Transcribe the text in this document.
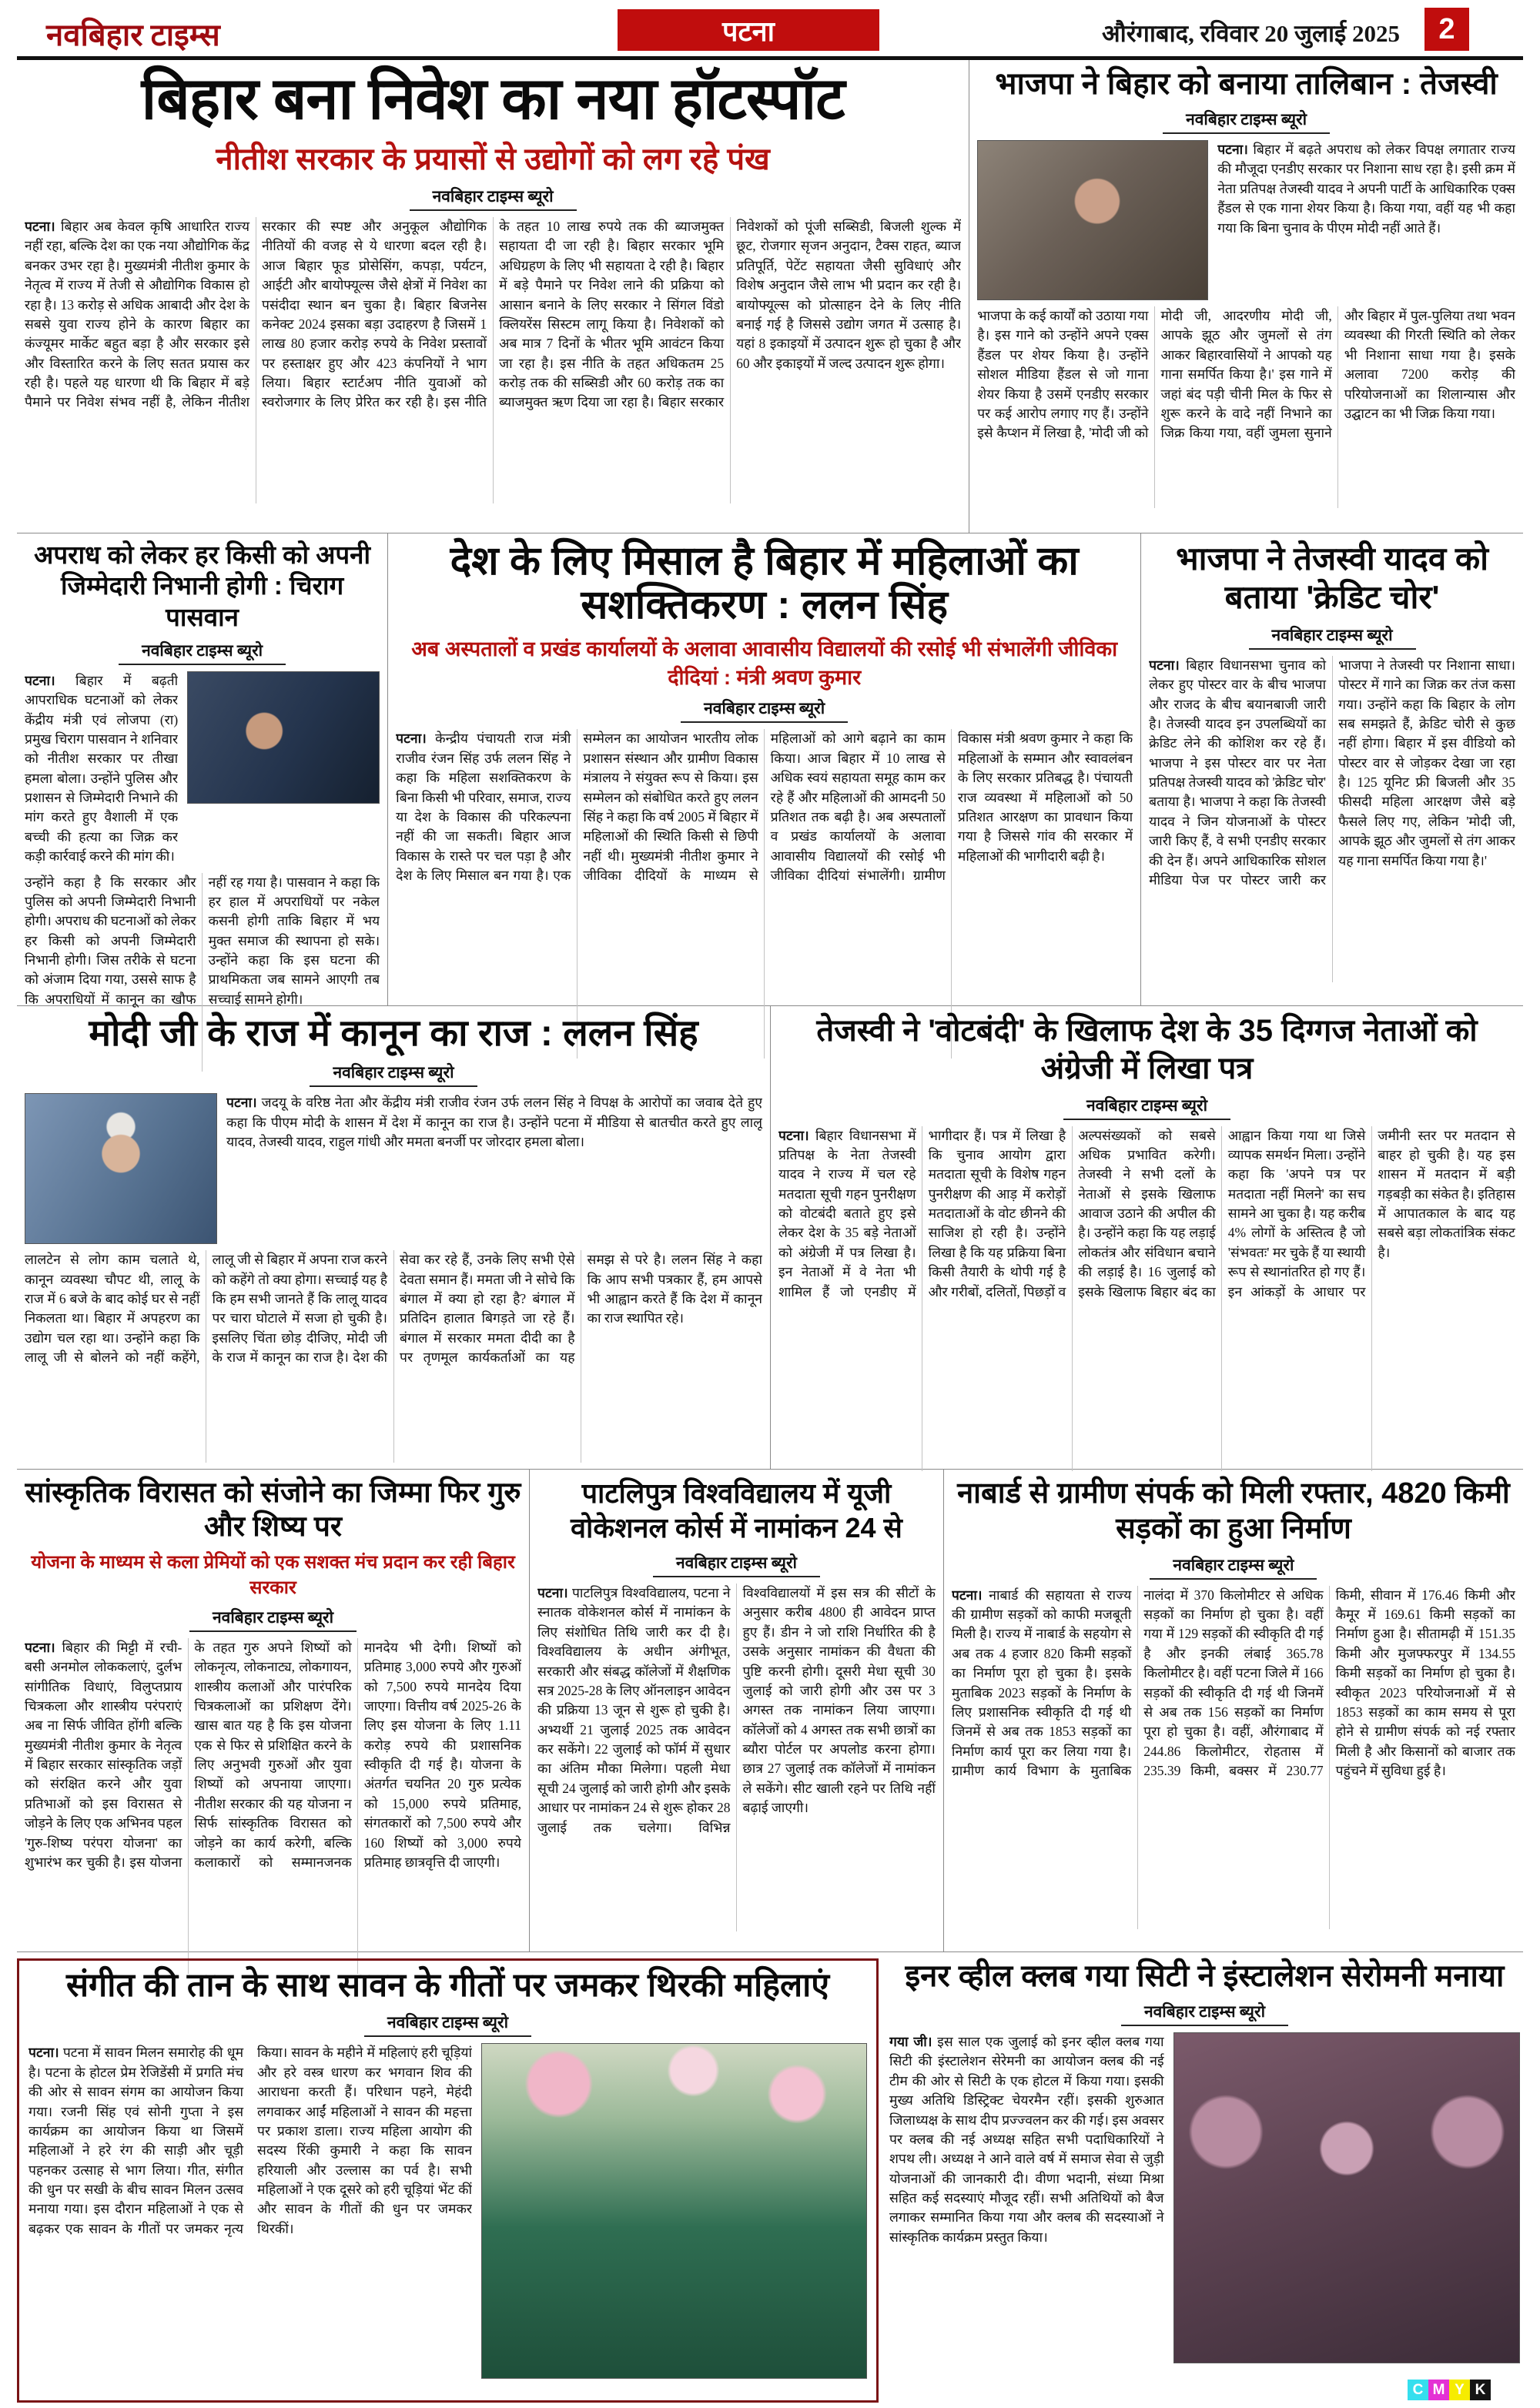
नवबिहार टाइम्स	पटना	औरंगाबाद, रविवार 20 जुलाई 2025	2
बिहार बना निवेश का नया हॉटस्पॉट
नीतीश सरकार के प्रयासों से उद्योगों को लग रहे पंख
नवबिहार टाइम्स ब्यूरो
पटना। बिहार अब केवल कृषि आधारित राज्य नहीं रहा, बल्कि देश का एक नया औद्योगिक केंद्र बनकर उभर रहा है। मुख्यमंत्री नीतीश कुमार के नेतृत्व में राज्य में तेजी से औद्योगिक विकास हो रहा है। 13 करोड़ से अधिक आबादी और देश के सबसे युवा राज्य होने के कारण बिहार का कंज्यूमर मार्केट बहुत बड़ा है और सरकार इसे और विस्तारित करने के लिए सतत प्रयास कर रही है। पहले यह धारणा थी कि बिहार में बड़े पैमाने पर निवेश संभव नहीं है, लेकिन नीतीश सरकार की स्पष्ट और अनुकूल औद्योगिक नीतियों की वजह से ये धारणा बदल रही है। आज बिहार फूड प्रोसेसिंग, कपड़ा, पर्यटन, आईटी और बायोफ्यूल्स जैसे क्षेत्रों में निवेश का पसंदीदा स्थान बन चुका है। बिहार बिजनेस कनेक्ट 2024 इसका बड़ा उदाहरण है जिसमें 1 लाख 80 हजार करोड़ रुपये के निवेश प्रस्तावों पर हस्ताक्षर हुए और 423 कंपनियों ने भाग लिया। बिहार स्टार्टअप नीति युवाओं को स्वरोजगार के लिए प्रेरित कर रही है। इस नीति के तहत 10 लाख रुपये तक की ब्याजमुक्त सहायता दी जा रही है। बिहार सरकार भूमि अधिग्रहण के लिए भी सहायता दे रही है। बिहार में बड़े पैमाने पर निवेश लाने की प्रक्रिया को आसान बनाने के लिए सरकार ने सिंगल विंडो क्लियरेंस सिस्टम लागू किया है। निवेशकों को अब मात्र 7 दिनों के भीतर भूमि आवंटन किया जा रहा है। इस नीति के तहत अधिकतम 25 करोड़ तक की सब्सिडी और 60 करोड़ तक का ब्याजमुक्त ऋण दिया जा रहा है। बिहार सरकार निवेशकों को पूंजी सब्सिडी, बिजली शुल्क में छूट, रोजगार सृजन अनुदान, टैक्स राहत, ब्याज प्रतिपूर्ति, पेटेंट सहायता जैसी सुविधाएं और विशेष अनुदान जैसे लाभ भी प्रदान कर रही है। बायोफ्यूल्स को प्रोत्साहन देने के लिए नीति बनाई गई है जिससे उद्योग जगत में उत्साह है। यहां 8 इकाइयों में उत्पादन शुरू हो चुका है और 60 और इकाइयों में जल्द उत्पादन शुरू होगा।
भाजपा ने बिहार को बनाया तालिबान : तेजस्वी
नवबिहार टाइम्स ब्यूरो
पटना। बिहार में बढ़ते अपराध को लेकर विपक्ष लगातार राज्य की मौजूदा एनडीए सरकार पर निशाना साध रहा है। इसी क्रम में नेता प्रतिपक्ष तेजस्वी यादव ने अपनी पार्टी के आधिकारिक एक्स हैंडल से एक गाना शेयर किया है। किया गया, वहीं यह भी कहा गया कि बिना चुनाव के पीएम मोदी नहीं आते हैं।
भाजपा के कई कार्यों को उठाया गया है। इस गाने को उन्होंने अपने एक्स हैंडल पर शेयर किया है। उन्होंने सोशल मीडिया हैंडल से जो गाना शेयर किया है उसमें एनडीए सरकार पर कई आरोप लगाए गए हैं। उन्होंने इसे कैप्शन में लिखा है, 'मोदी जी को मोदी जी, आदरणीय मोदी जी, आपके झूठ और जुमलों से तंग आकर बिहारवासियों ने आपको यह गाना समर्पित किया है।' इस गाने में जहां बंद पड़ी चीनी मिल के फिर से शुरू करने के वादे नहीं निभाने का जिक्र किया गया, वहीं जुमला सुनाने और बिहार में पुल-पुलिया तथा भवन व्यवस्था की गिरती स्थिति को लेकर भी निशाना साधा गया है। इसके अलावा 7200 करोड़ की परियोजनाओं का शिलान्यास और उद्घाटन का भी जिक्र किया गया।
अपराध को लेकर हर किसी को अपनी जिम्मेदारी निभानी होगी : चिराग पासवान
नवबिहार टाइम्स ब्यूरो
पटना। बिहार में बढ़ती आपराधिक घटनाओं को लेकर केंद्रीय मंत्री एवं लोजपा (रा) प्रमुख चिराग पासवान ने शनिवार को नीतीश सरकार पर तीखा हमला बोला। उन्होंने पुलिस और प्रशासन से जिम्मेदारी निभाने की मांग करते हुए वैशाली में एक बच्ची की हत्या का जिक्र कर कड़ी कार्रवाई करने की मांग की।
उन्होंने कहा है कि सरकार और पुलिस को अपनी जिम्मेदारी निभानी होगी। अपराध की घटनाओं को लेकर हर किसी को अपनी जिम्मेदारी निभानी होगी। जिस तरीके से घटना को अंजाम दिया गया, उससे साफ है कि अपराधियों में कानून का खौफ नहीं रह गया है। पासवान ने कहा कि हर हाल में अपराधियों पर नकेल कसनी होगी ताकि बिहार में भय मुक्त समाज की स्थापना हो सके। उन्होंने कहा कि इस घटना की प्राथमिकता जब सामने आएगी तब सच्चाई सामने होगी।
देश के लिए मिसाल है बिहार में महिलाओं का सशक्तिकरण : ललन सिंह
अब अस्पतालों व प्रखंड कार्यालयों के अलावा आवासीय विद्यालयों की रसोई भी संभालेंगी जीविका दीदियां : मंत्री श्रवण कुमार
नवबिहार टाइम्स ब्यूरो
पटना। केन्द्रीय पंचायती राज मंत्री राजीव रंजन सिंह उर्फ ललन सिंह ने कहा कि महिला सशक्तिकरण के बिना किसी भी परिवार, समाज, राज्य या देश के विकास की परिकल्पना नहीं की जा सकती। बिहार आज विकास के रास्ते पर चल पड़ा है और देश के लिए मिसाल बन गया है। एक सम्मेलन का आयोजन भारतीय लोक प्रशासन संस्थान और ग्रामीण विकास मंत्रालय ने संयुक्त रूप से किया। इस सम्मेलन को संबोधित करते हुए ललन सिंह ने कहा कि वर्ष 2005 में बिहार में महिलाओं की स्थिति किसी से छिपी नहीं थी। मुख्यमंत्री नीतीश कुमार ने जीविका दीदियों के माध्यम से महिलाओं को आगे बढ़ाने का काम किया। आज बिहार में 10 लाख से अधिक स्वयं सहायता समूह काम कर रहे हैं और महिलाओं की आमदनी 50 प्रतिशत तक बढ़ी है। अब अस्पतालों व प्रखंड कार्यालयों के अलावा आवासीय विद्यालयों की रसोई भी जीविका दीदियां संभालेंगी। ग्रामीण विकास मंत्री श्रवण कुमार ने कहा कि महिलाओं के सम्मान और स्वावलंबन के लिए सरकार प्रतिबद्ध है। पंचायती राज व्यवस्था में महिलाओं को 50 प्रतिशत आरक्षण का प्रावधान किया गया है जिससे गांव की सरकार में महिलाओं की भागीदारी बढ़ी है।
भाजपा ने तेजस्वी यादव को बताया 'क्रेडिट चोर'
नवबिहार टाइम्स ब्यूरो
पटना। बिहार विधानसभा चुनाव को लेकर हुए पोस्टर वार के बीच भाजपा और राजद के बीच बयानबाजी जारी है। तेजस्वी यादव इन उपलब्धियों का क्रेडिट लेने की कोशिश कर रहे हैं। भाजपा ने इस पोस्टर वार पर नेता प्रतिपक्ष तेजस्वी यादव को 'क्रेडिट चोर' बताया है। भाजपा ने कहा कि तेजस्वी यादव ने जिन योजनाओं के पोस्टर जारी किए हैं, वे सभी एनडीए सरकार की देन हैं। अपने आधिकारिक सोशल मीडिया पेज पर पोस्टर जारी कर भाजपा ने तेजस्वी पर निशाना साधा। पोस्टर में गाने का जिक्र कर तंज कसा गया। उन्होंने कहा कि बिहार के लोग सब समझते हैं, क्रेडिट चोरी से कुछ नहीं होगा। बिहार में इस वीडियो को पोस्टर वार से जोड़कर देखा जा रहा है। 125 यूनिट फ्री बिजली और 35 फीसदी महिला आरक्षण जैसे बड़े फैसले लिए गए, लेकिन 'मोदी जी, आपके झूठ और जुमलों से तंग आकर यह गाना समर्पित किया गया है।'
मोदी जी के राज में कानून का राज : ललन सिंह
नवबिहार टाइम्स ब्यूरो
पटना। जदयू के वरिष्ठ नेता और केंद्रीय मंत्री राजीव रंजन उर्फ ललन सिंह ने विपक्ष के आरोपों का जवाब देते हुए कहा कि पीएम मोदी के शासन में देश में कानून का राज है। उन्होंने पटना में मीडिया से बातचीत करते हुए लालू यादव, तेजस्वी यादव, राहुल गांधी और ममता बनर्जी पर जोरदार हमला बोला।
लालटेन से लोग काम चलाते थे, कानून व्यवस्था चौपट थी, लालू के राज में 6 बजे के बाद कोई घर से नहीं निकलता था। बिहार में अपहरण का उद्योग चल रहा था। उन्होंने कहा कि लालू जी से बोलने को नहीं कहेंगे, लालू जी से बिहार में अपना राज करने को कहेंगे तो क्या होगा। सच्चाई यह है कि हम सभी जानते हैं कि लालू यादव पर चारा घोटाले में सजा हो चुकी है। इसलिए चिंता छोड़ दीजिए, मोदी जी के राज में कानून का राज है। देश की सेवा कर रहे हैं, उनके लिए सभी ऐसे देवता समान हैं। ममता जी ने सोचे कि बंगाल में क्या हो रहा है? बंगाल में प्रतिदिन हालात बिगड़ते जा रहे हैं। बंगाल में सरकार ममता दीदी का है पर तृणमूल कार्यकर्ताओं का यह समझ से परे है। ललन सिंह ने कहा कि आप सभी पत्रकार हैं, हम आपसे भी आह्वान करते हैं कि देश में कानून का राज स्थापित रहे।
तेजस्वी ने 'वोटबंदी' के खिलाफ देश के 35 दिग्गज नेताओं को अंग्रेजी में लिखा पत्र
नवबिहार टाइम्स ब्यूरो
पटना। बिहार विधानसभा में प्रतिपक्ष के नेता तेजस्वी यादव ने राज्य में चल रहे मतदाता सूची गहन पुनरीक्षण को वोटबंदी बताते हुए इसे लेकर देश के 35 बड़े नेताओं को अंग्रेजी में पत्र लिखा है। इन नेताओं में वे नेता भी शामिल हैं जो एनडीए में भागीदार हैं। पत्र में लिखा है कि चुनाव आयोग द्वारा मतदाता सूची के विशेष गहन पुनरीक्षण की आड़ में करोड़ों मतदाताओं के वोट छीनने की साजिश हो रही है। उन्होंने लिखा है कि यह प्रक्रिया बिना किसी तैयारी के थोपी गई है और गरीबों, दलितों, पिछड़ों व अल्पसंख्यकों को सबसे अधिक प्रभावित करेगी। तेजस्वी ने सभी दलों के नेताओं से इसके खिलाफ आवाज उठाने की अपील की है। उन्होंने कहा कि यह लड़ाई लोकतंत्र और संविधान बचाने की लड़ाई है। 16 जुलाई को इसके खिलाफ बिहार बंद का आह्वान किया गया था जिसे व्यापक समर्थन मिला। उन्होंने कहा कि 'अपने पत्र पर मतदाता नहीं मिलने' का सच सामने आ चुका है। यह करीब 4% लोगों के अस्तित्व है जो 'संभवतः' मर चुके हैं या स्थायी रूप से स्थानांतरित हो गए हैं। इन आंकड़ों के आधार पर जमीनी स्तर पर मतदान से बाहर हो चुकी है। यह इस शासन में मतदान में बड़ी गड़बड़ी का संकेत है। इतिहास में आपातकाल के बाद यह सबसे बड़ा लोकतांत्रिक संकट है।
सांस्कृतिक विरासत को संजोने का जिम्मा फिर गुरु और शिष्य पर
योजना के माध्यम से कला प्रेमियों को एक सशक्त मंच प्रदान कर रही बिहार सरकार
नवबिहार टाइम्स ब्यूरो
पटना। बिहार की मिट्टी में रची-बसी अनमोल लोककलाएं, दुर्लभ सांगीतिक विधाएं, विलुप्तप्राय चित्रकला और शास्त्रीय परंपराएं अब ना सिर्फ जीवित होंगी बल्कि मुख्यमंत्री नीतीश कुमार के नेतृत्व में बिहार सरकार सांस्कृतिक जड़ों को संरक्षित करने और युवा प्रतिभाओं को इस विरासत से जोड़ने के लिए एक अभिनव पहल 'गुरु-शिष्य परंपरा योजना' का शुभारंभ कर चुकी है। इस योजना के तहत गुरु अपने शिष्यों को लोकनृत्य, लोकनाट्य, लोकगायन, शास्त्रीय कलाओं और पारंपरिक चित्रकलाओं का प्रशिक्षण देंगे। खास बात यह है कि इस योजना एक से फिर से प्रशिक्षित करने के लिए अनुभवी गुरुओं और युवा शिष्यों को अपनाया जाएगा। नीतीश सरकार की यह योजना न सिर्फ सांस्कृतिक विरासत को जोड़ने का कार्य करेगी, बल्कि कलाकारों को सम्मानजनक मानदेय भी देगी। शिष्यों को प्रतिमाह 3,000 रुपये और गुरुओं को 7,500 रुपये मानदेय दिया जाएगा। वित्तीय वर्ष 2025-26 के लिए इस योजना के लिए 1.11 करोड़ रुपये की प्रशासनिक स्वीकृति दी गई है। योजना के अंतर्गत चयनित 20 गुरु प्रत्येक को 15,000 रुपये प्रतिमाह, संगतकारों को 7,500 रुपये और 160 शिष्यों को 3,000 रुपये प्रतिमाह छात्रवृत्ति दी जाएगी।
पाटलिपुत्र विश्वविद्यालय में यूजी वोकेशनल कोर्स में नामांकन 24 से
नवबिहार टाइम्स ब्यूरो
पटना। पाटलिपुत्र विश्वविद्यालय, पटना ने स्नातक वोकेशनल कोर्स में नामांकन के लिए संशोधित तिथि जारी कर दी है। विश्वविद्यालय के अधीन अंगीभूत, सरकारी और संबद्ध कॉलेजों में शैक्षणिक सत्र 2025-28 के लिए ऑनलाइन आवेदन की प्रक्रिया 13 जून से शुरू हो चुकी है। अभ्यर्थी 21 जुलाई 2025 तक आवेदन कर सकेंगे। 22 जुलाई को फॉर्म में सुधार का अंतिम मौका मिलेगा। पहली मेधा सूची 24 जुलाई को जारी होगी और इसके आधार पर नामांकन 24 से शुरू होकर 28 जुलाई तक चलेगा। विभिन्न विश्वविद्यालयों में इस सत्र की सीटों के अनुसार करीब 4800 ही आवेदन प्राप्त हुए हैं। डीन ने जो राशि निर्धारित की है उसके अनुसार नामांकन की वैधता की पुष्टि करनी होगी। दूसरी मेधा सूची 30 जुलाई को जारी होगी और उस पर 3 अगस्त तक नामांकन लिया जाएगा। कॉलेजों को 4 अगस्त तक सभी छात्रों का ब्यौरा पोर्टल पर अपलोड करना होगा। छात्र 27 जुलाई तक कॉलेजों में नामांकन ले सकेंगे। सीट खाली रहने पर तिथि नहीं बढ़ाई जाएगी।
नाबार्ड से ग्रामीण संपर्क को मिली रफ्तार, 4820 किमी सड़कों का हुआ निर्माण
नवबिहार टाइम्स ब्यूरो
पटना। नाबार्ड की सहायता से राज्य की ग्रामीण सड़कों को काफी मजबूती मिली है। राज्य में नाबार्ड के सहयोग से अब तक 4 हजार 820 किमी सड़कों का निर्माण पूरा हो चुका है। इसके मुताबिक 2023 सड़कों के निर्माण के लिए प्रशासनिक स्वीकृति दी गई थी जिनमें से अब तक 1853 सड़कों का निर्माण कार्य पूरा कर लिया गया है। ग्रामीण कार्य विभाग के मुताबिक नालंदा में 370 किलोमीटर से अधिक सड़कों का निर्माण हो चुका है। वहीं गया में 129 सड़कों की स्वीकृति दी गई है और इनकी लंबाई 365.78 किलोमीटर है। वहीं पटना जिले में 166 सड़कों की स्वीकृति दी गई थी जिनमें से अब तक 156 सड़कों का निर्माण पूरा हो चुका है। वहीं, औरंगाबाद में 244.86 किलोमीटर, रोहतास में 235.39 किमी, बक्सर में 230.77 किमी, सीवान में 176.46 किमी और कैमूर में 169.61 किमी सड़कों का निर्माण हुआ है। सीतामढ़ी में 151.35 किमी और मुजफ्फरपुर में 134.55 किमी सड़कों का निर्माण हो चुका है। स्वीकृत 2023 परियोजनाओं में से 1853 सड़कों का काम समय से पूरा होने से ग्रामीण संपर्क को नई रफ्तार मिली है और किसानों को बाजार तक पहुंचने में सुविधा हुई है।
संगीत की तान के साथ सावन के गीतों पर जमकर थिरकी महिलाएं
नवबिहार टाइम्स ब्यूरो
पटना। पटना में सावन मिलन समारोह की धूम है। पटना के होटल प्रेम रेजिडेंसी में प्रगति मंच की ओर से सावन संगम का आयोजन किया गया। रजनी सिंह एवं सोनी गुप्ता ने इस कार्यक्रम का आयोजन किया था जिसमें महिलाओं ने हरे रंग की साड़ी और चूड़ी पहनकर उत्साह से भाग लिया। गीत, संगीत की धुन पर सखी के बीच सावन मिलन उत्सव मनाया गया। इस दौरान महिलाओं ने एक से बढ़कर एक सावन के गीतों पर जमकर नृत्य किया। सावन के महीने में महिलाएं हरी चूड़ियां और हरे वस्त्र धारण कर भगवान शिव की आराधना करती हैं। परिधान पहने, मेहंदी लगवाकर आईं महिलाओं ने सावन की महत्ता पर प्रकाश डाला। राज्य महिला आयोग की सदस्य रिंकी कुमारी ने कहा कि सावन हरियाली और उल्लास का पर्व है। सभी महिलाओं ने एक दूसरे को हरी चूड़ियां भेंट कीं और सावन के गीतों की धुन पर जमकर थिरकीं।
इनर व्हील क्लब गया सिटी ने इंस्टालेशन सेरोमनी मनाया
नवबिहार टाइम्स ब्यूरो
गया जी। इस साल एक जुलाई को इनर व्हील क्लब गया सिटी की इंस्टालेशन सेरेमनी का आयोजन क्लब की नई टीम की ओर से सिटी के एक होटल में किया गया। इसकी मुख्य अतिथि डिस्ट्रिक्ट चेयरमैन रहीं। इसकी शुरुआत जिलाध्यक्ष के साथ दीप प्रज्ज्वलन कर की गई। इस अवसर पर क्लब की नई अध्यक्ष सहित सभी पदाधिकारियों ने शपथ ली। अध्यक्ष ने आने वाले वर्ष में समाज सेवा से जुड़ी योजनाओं की जानकारी दी। वीणा भदानी, संध्या मिश्रा सहित कई सदस्याएं मौजूद रहीं। सभी अतिथियों को बैज लगाकर सम्मानित किया गया और क्लब की सदस्याओं ने सांस्कृतिक कार्यक्रम प्रस्तुत किया।
C M Y K
